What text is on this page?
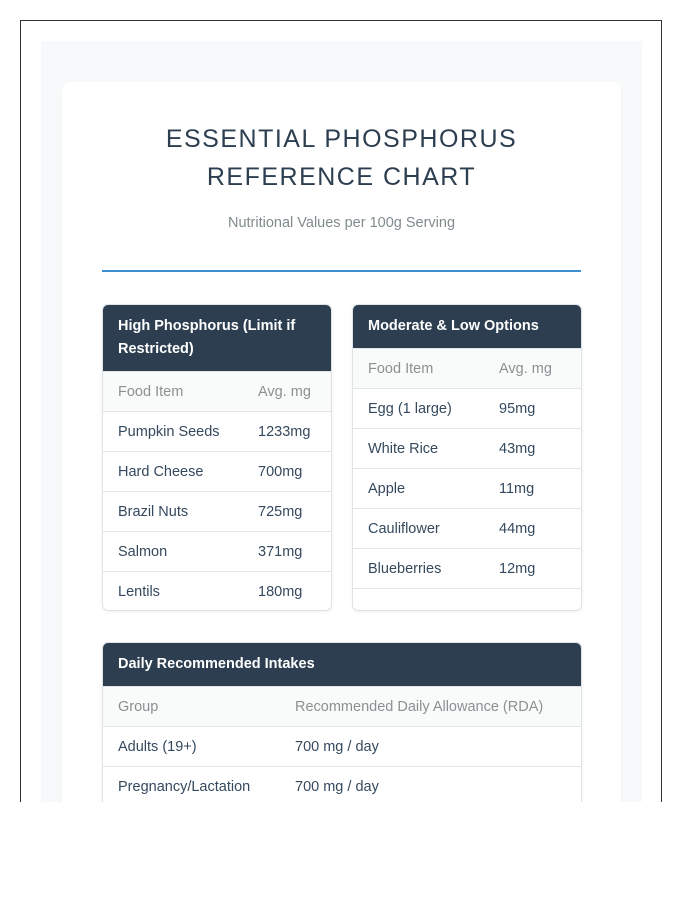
ESSENTIAL PHOSPHORUS
REFERENCE CHART
Nutritional Values per 100g Serving
High Phosphorus (Limit if Restricted)
Food Item	Avg. mg
Pumpkin Seeds	1233mg
Hard Cheese	700mg
Brazil Nuts	725mg
Salmon	371mg
Lentils	180mg
Moderate & Low Options
Food Item	Avg. mg
Egg (1 large)	95mg
White Rice	43mg
Apple	11mg
Cauliflower	44mg
Blueberries	12mg
Daily Recommended Intakes
Group	Recommended Daily Allowance (RDA)
Adults (19+)	700 mg / day
Pregnancy/Lactation	700 mg / day
